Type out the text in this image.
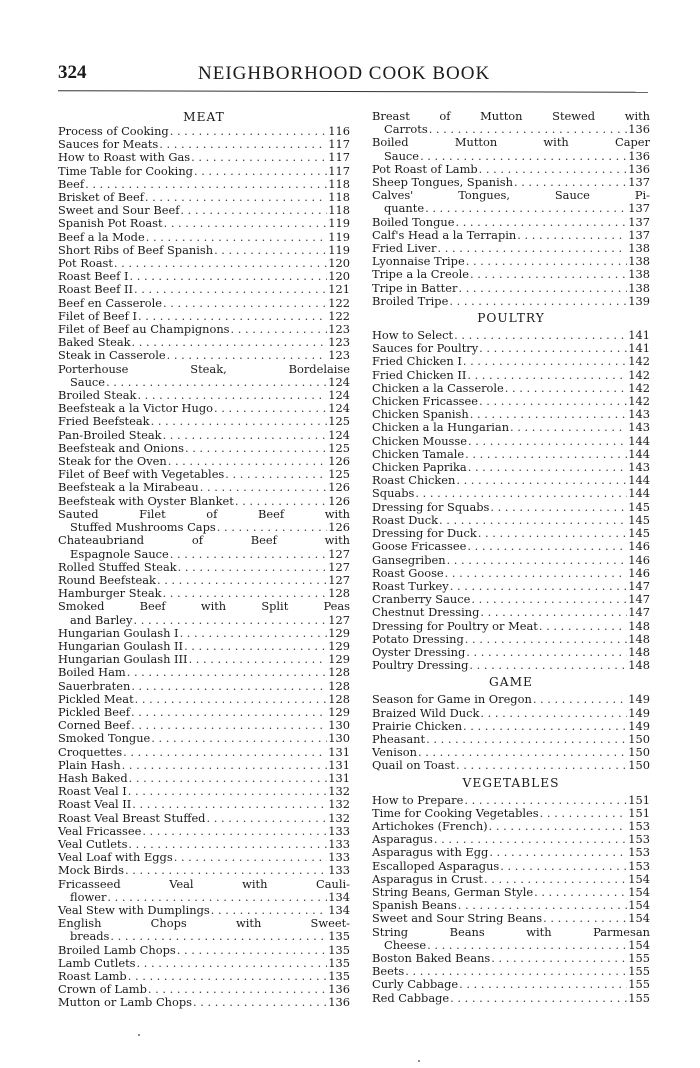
324	NEIGHBORHOOD COOK BOOK
MEAT
Process of Cooking . . .	116
Sauces for Meats . . .	117
How to Roast with Gas . . .	117
Time Table for Cooking . . .	117
Beef . . .	118
Brisket of Beef . . .	118
Sweet and Sour Beef . . .	118
Spanish Pot Roast . . .	119
Beef a la Mode . . .	119
Short Ribs of Beef Spanish . . .	119
Pot Roast . . .	120
Roast Beef I . . .	120
Roast Beef II . . .	121
Beef en Casserole . . .	122
Filet of Beef I . . .	122
Filet of Beef au Champignons . . .	123
Baked Steak . . .	123
Steak in Casserole . . .	123
Porterhouse Steak, Bordelaise
Sauce . . .	124
Broiled Steak . . .	124
Beefsteak a la Victor Hugo . . .	124
Fried Beefsteak . . .	125
Pan-Broiled Steak . . .	124
Beefsteak and Onions . . .	125
Steak for the Oven . . .	126
Filet of Beef with Vegetables . . .	125
Beefsteak a la Mirabeau . . .	126
Beefsteak with Oyster Blanket . . .	126
Sauted Filet of Beef with
Stuffed Mushrooms Caps . . .	126
Chateaubriand of Beef with
Espagnole Sauce . . .	127
Rolled Stuffed Steak . . .	127
Round Beefsteak . . .	127
Hamburger Steak . . .	128
Smoked Beef with Split Peas
and Barley . . .	127
Hungarian Goulash I . . .	129
Hungarian Goulash II . . .	129
Hungarian Goulash III . . .	129
Boiled Ham . . .	128
Sauerbraten . . .	128
Pickled Meat . . .	128
Pickled Beef . . .	129
Corned Beef . . .	130
Smoked Tongue . . .	130
Croquettes . . .	131
Plain Hash . . .	131
Hash Baked . . .	131
Roast Veal I . . .	132
Roast Veal II . . .	132
Roast Veal Breast Stuffed . . .	132
Veal Fricassee . . .	133
Veal Cutlets . . .	133
Veal Loaf with Eggs . . .	133
Mock Birds . . .	133
Fricasseed Veal with Cauli-
flower . . .	134
Veal Stew with Dumplings . . .	134
English Chops with Sweet-
breads . . .	135
Broiled Lamb Chops . . .	135
Lamb Cutlets . . .	135
Roast Lamb . . .	135
Crown of Lamb . . .	136
Mutton or Lamb Chops . . .	136
Breast of Mutton Stewed with
Carrots . . .	136
Boiled Mutton with Caper
Sauce . . .	136
Pot Roast of Lamb . . .	136
Sheep Tongues, Spanish . . .	137
Calves' Tongues, Sauce Pi-
quante . . .	137
Boiled Tongue . . .	137
Calf's Head a la Terrapin . . .	137
Fried Liver . . .	138
Lyonnaise Tripe . . .	138
Tripe a la Creole . . .	138
Tripe in Batter . . .	138
Broiled Tripe . . .	139
POULTRY
How to Select . . .	141
Sauces for Poultry . . .	141
Fried Chicken I . . .	142
Fried Chicken II . . .	142
Chicken a la Casserole . . .	142
Chicken Fricassee . . .	142
Chicken Spanish . . .	143
Chicken a la Hungarian . . .	143
Chicken Mousse . . .	144
Chicken Tamale . . .	144
Chicken Paprika . . .	143
Roast Chicken . . .	144
Squabs . . .	144
Dressing for Squabs . . .	145
Roast Duck . . .	145
Dressing for Duck . . .	145
Goose Fricassee . . .	146
Gansegriben . . .	146
Roast Goose . . .	146
Roast Turkey . . .	147
Cranberry Sauce . . .	147
Chestnut Dressing . . .	147
Dressing for Poultry or Meat . . .	148
Potato Dressing . . .	148
Oyster Dressing . . .	148
Poultry Dressing . . .	148
GAME
Season for Game in Oregon . . .	149
Braized Wild Duck . . .	149
Prairie Chicken . . .	149
Pheasant . . .	150
Venison . . .	150
Quail on Toast . . .	150
VEGETABLES
How to Prepare . . .	151
Time for Cooking Vegetables . . .	151
Artichokes (French) . . .	153
Asparagus . . .	153
Asparagus with Egg . . .	153
Escalloped Asparagus . . .	153
Asparagus in Crust . . .	154
String Beans, German Style . . .	154
Spanish Beans . . .	154
Sweet and Sour String Beans . . .	154
String Beans with Parmesan
Cheese . . .	154
Boston Baked Beans . . .	155
Beets . . .	155
Curly Cabbage . . .	155
Red Cabbage . . .	155
